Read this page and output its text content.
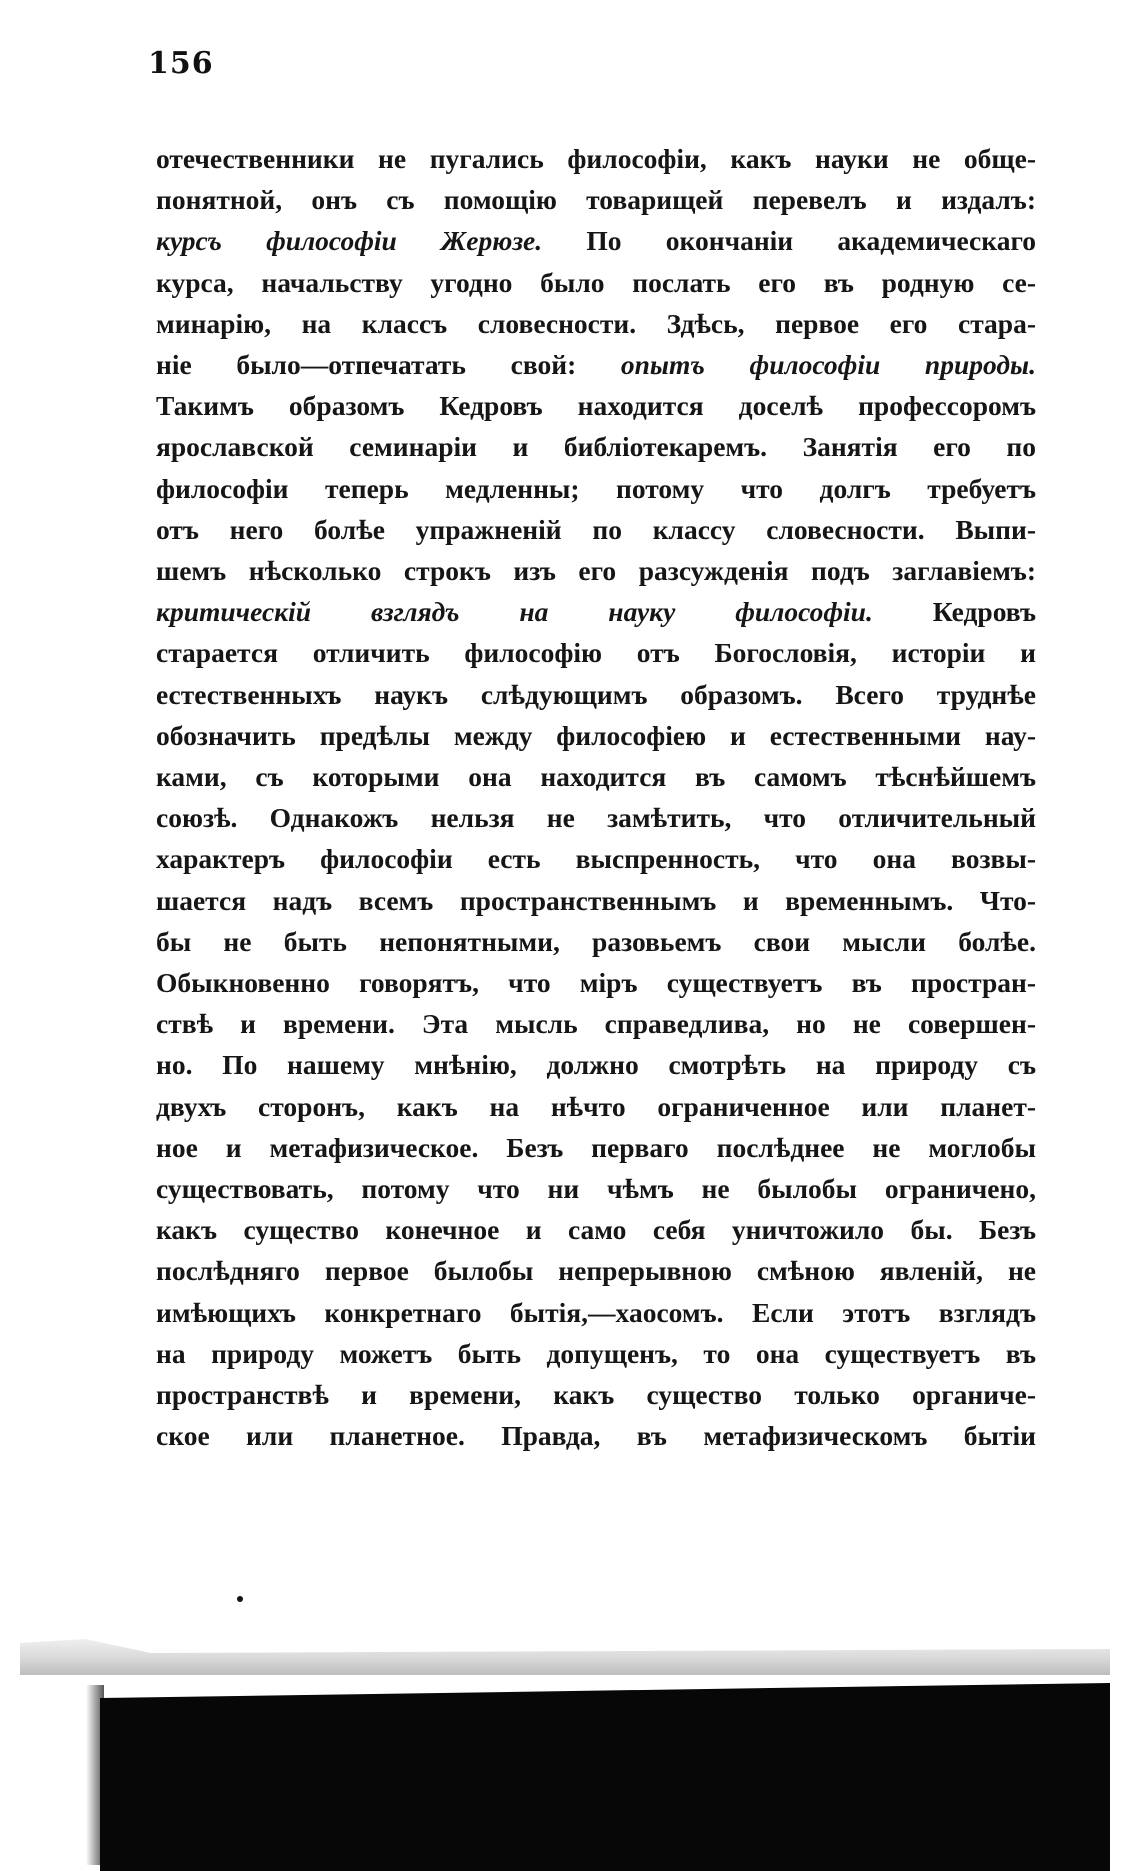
156
отечественники не пугались философіи, какъ науки не обще-
понятной, онъ съ помощію товарищей перевелъ и издалъ:
курсъ философіи Жерюзе. По окончаніи академическаго
курса, начальству угодно было послать его въ родную се-
минарію, на классъ словесности. Здѣсь, первое его стара-
ніе было—отпечатать свой: опытъ философіи природы.
Такимъ образомъ Кедровъ находится доселѣ профессоромъ
ярославской семинаріи и библіотекаремъ. Занятія его по
философіи теперь медленны; потому что долгъ требуетъ
отъ него болѣе упражненій по классу словесности. Выпи-
шемъ нѣсколько строкъ изъ его разсужденія подъ заглавіемъ:
критическій взглядъ на науку философіи. Кедровъ
старается отличить философію отъ Богословія, исторіи и
естественныхъ наукъ слѣдующимъ образомъ. Всего труднѣе
обозначить предѣлы между философіею и естественными нау-
ками, съ которыми она находится въ самомъ тѣснѣйшемъ
союзѣ. Однакожъ нельзя не замѣтить, что отличительный
характеръ философіи есть выспренность, что она возвы-
шается надъ всемъ пространственнымъ и временнымъ. Что-
бы не быть непонятными, разовьемъ свои мысли болѣе.
Обыкновенно говорятъ, что міръ существуетъ въ простран-
ствѣ и времени. Эта мысль справедлива, но не совершен-
но. По нашему мнѣнію, должно смотрѣть на природу съ
двухъ сторонъ, какъ на нѣчто ограниченное или планет-
ное и метафизическое. Безъ перваго послѣднее не моглобы
существовать, потому что ни чѣмъ не былобы ограничено,
какъ существо конечное и само себя уничтожило бы. Безъ
послѣдняго первое былобы непрерывною смѣною явленій, не
имѣющихъ конкретнаго бытія,—хаосомъ. Если этотъ взглядъ
на природу можетъ быть допущенъ, то она существуетъ въ
пространствѣ и времени, какъ существо только органиче-
ское или планетное. Правда, въ метафизическомъ бытіи
